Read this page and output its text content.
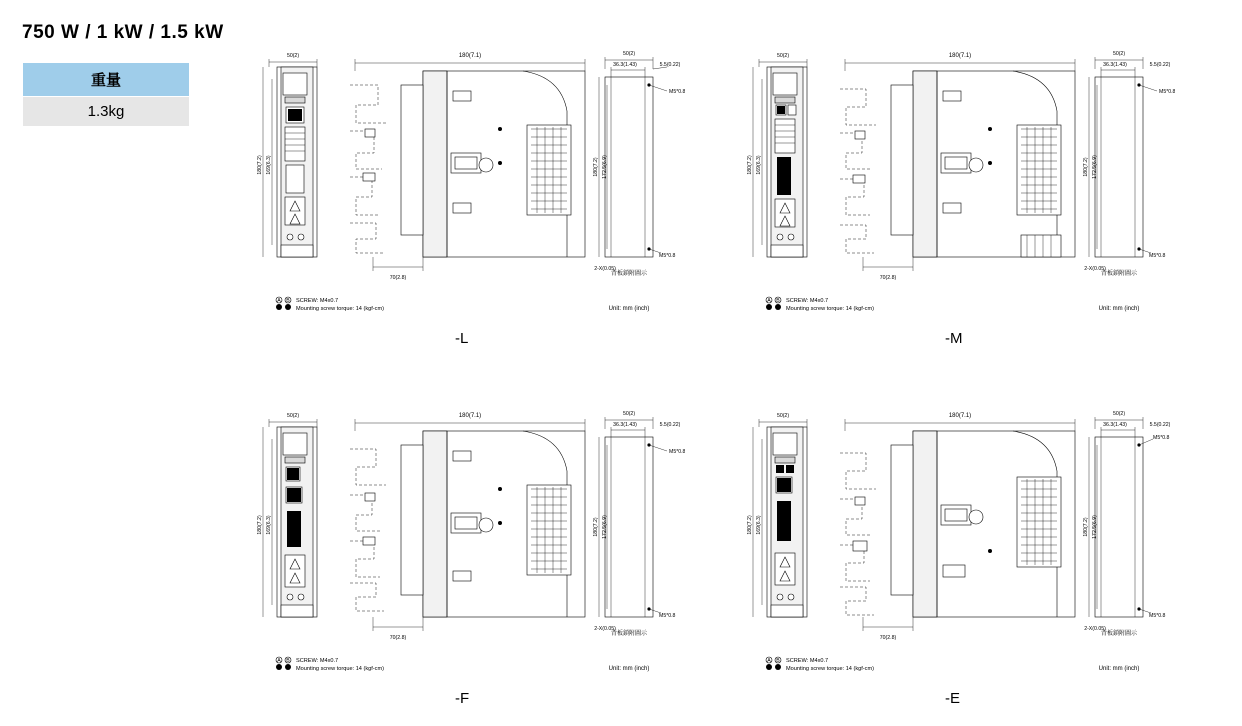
750 W / 1 kW / 1.5 kW
重量
1.3kg
50(2)
180(7.2) 169(6.3)
180(7.1)
70(2.8)
50(2)
36.3(1.43)	5.5(0.22)
M5*0.8
M5*0.8
180(7.2) 172.5(6.9)
2-X(0.05)
背板鎖附圖示
A B SCREW: M4x0.7
Mounting screw torque: 14 (kgf-cm)	Unit: mm (inch)
-L
50(2)
180(7.2) 169(6.3)
180(7.1)
70(2.8)
50(2)
36.3(1.43)	5.5(0.22)
M5*0.8
M5*0.8
180(7.2) 172.5(6.9)
2-X(0.05)
背板鎖附圖示
A B SCREW: M4x0.7
Mounting screw torque: 14 (kgf-cm)	Unit: mm (inch)
-M
50(2)
180(7.2) 169(6.3)
180(7.1)
70(2.8)
50(2)
36.3(1.43)	5.5(0.22)
M5*0.8
M5*0.8
180(7.2) 172.5(6.9)
2-X(0.05)
背板鎖附圖示
A B SCREW: M4x0.7
Mounting screw torque: 14 (kgf-cm)	Unit: mm (inch)
-F
50(2)
180(7.2) 169(6.3)
180(7.1)
70(2.8)
50(2)
36.3(1.43)	5.5(0.22)
M5*0.8
M5*0.8
180(7.2) 172.5(6.9)
2-X(0.05)
背板鎖附圖示
A B SCREW: M4x0.7
Mounting screw torque: 14 (kgf-cm)	Unit: mm (inch)
-E
